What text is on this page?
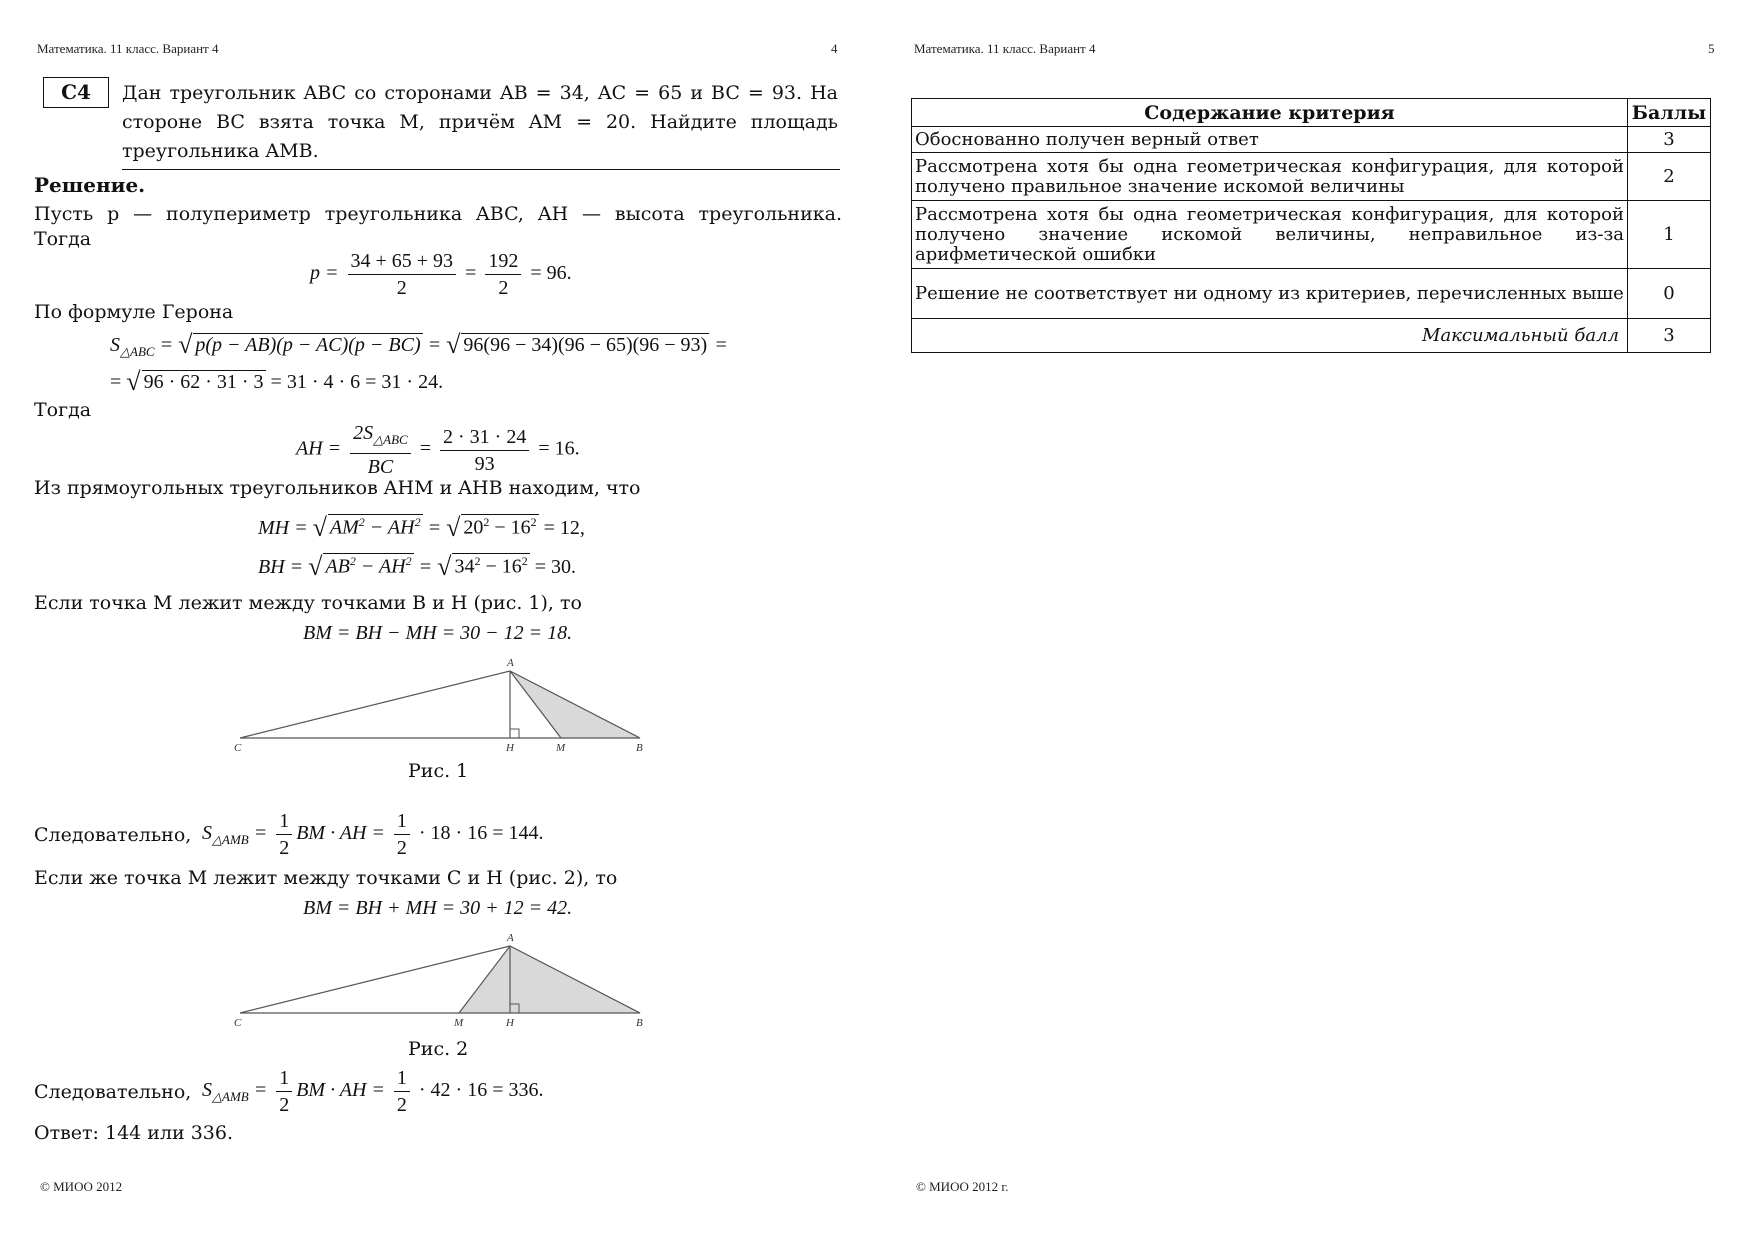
Математика. 11 класс. Вариант 4	4
C4	Дан треугольник ABC со сторонами AB = 34, AC = 65 и BC = 93. На
стороне BC взята точка M, причём AM = 20. Найдите площадь
треугольника AMB.
Решение.
Пусть p — полупериметр треугольника ABC, AH — высота треугольника.
Тогда
$p = \frac{34 + 65 + 93}{2} = \frac{192}{2} = 96$.
По формуле Герона
$S_{\triangle ABC}$ = √ p(p − AB)(p − AC)(p − BC) = √ 96(96 − 34)(96 − 65)(96 − 93) =
= √ 96 · 62 · 31 · 3 = 31 · 4 · 6 = 31 · 24.
Тогда
AH = $\frac{2S_{\triangle ABC}}{BC} = \frac{2 \cdot 31 \cdot 24}{93} = 16$.
Из прямоугольных треугольников AHM и AHB находим, что
MH = √ $AM^2 - AH^2$ = √ $20^2 - 16^2 = 12$,
BH = √ $AB^2 - AH^2$ = √ $34^2 - 16^2 = 30$.
Если точка M лежит между точками B и H (рис. 1), то
BM = BH − MH = 30 − 12 = 18.
A
C	H	M	B
Рис. 1
Следовательно, $S_{\triangle AMB} = \frac{1}{2}$ BM · AH = $\frac{1}{2} \cdot 18 \cdot 16 = 144$.
Если же точка M лежит между точками C и H (рис. 2), то
BM = BH + MH = 30 + 12 = 42.
A
C	M	H	B
Рис. 2
Следовательно, $S_{\triangle AMB} = \frac{1}{2}$ BM · AH = $\frac{1}{2} \cdot 42 \cdot 16 = 336$.
Ответ: 144 или 336.
© МИОО 2012
Математика. 11 класс. Вариант 4	5
Содержание критерия	Баллы
Обоснованно получен верный ответ	3
Рассмотрена хотя бы одна геометрическая конфигурация, для которой получено правильное значение искомой величины	2
Рассмотрена хотя бы одна геометрическая конфигурация, для которой получено значение искомой величины, неправильное из-за арифметической ошибки	1
Решение не соответствует ни одному из критериев, перечисленных выше	0
Максимальный балл	3
© МИОО 2012 г.
